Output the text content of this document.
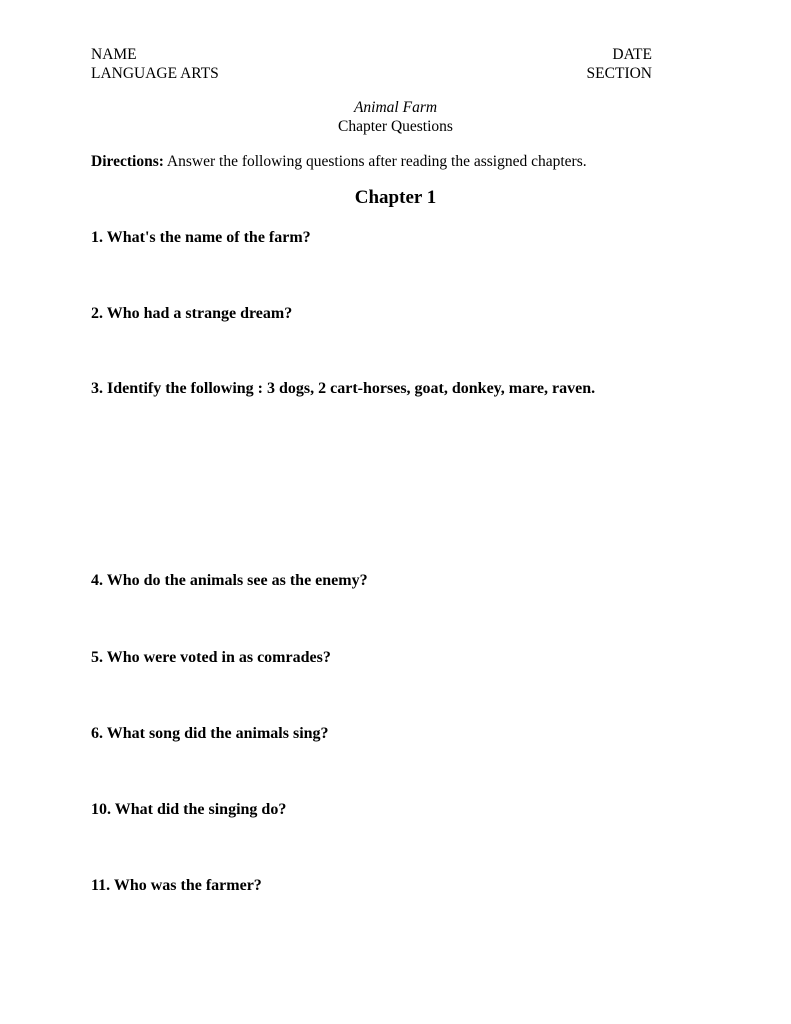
NAME
LANGUAGE ARTS
DATE
SECTION
Animal Farm
Chapter Questions
Directions: Answer the following questions after reading the assigned chapters.
Chapter 1
1. What's the name of the farm?
2. Who had a strange dream?
3. Identify the following : 3 dogs, 2 cart-horses, goat, donkey, mare, raven.
4. Who do the animals see as the enemy?
5. Who were voted in as comrades?
6. What song did the animals sing?
10. What did the singing do?
11. Who was the farmer?
